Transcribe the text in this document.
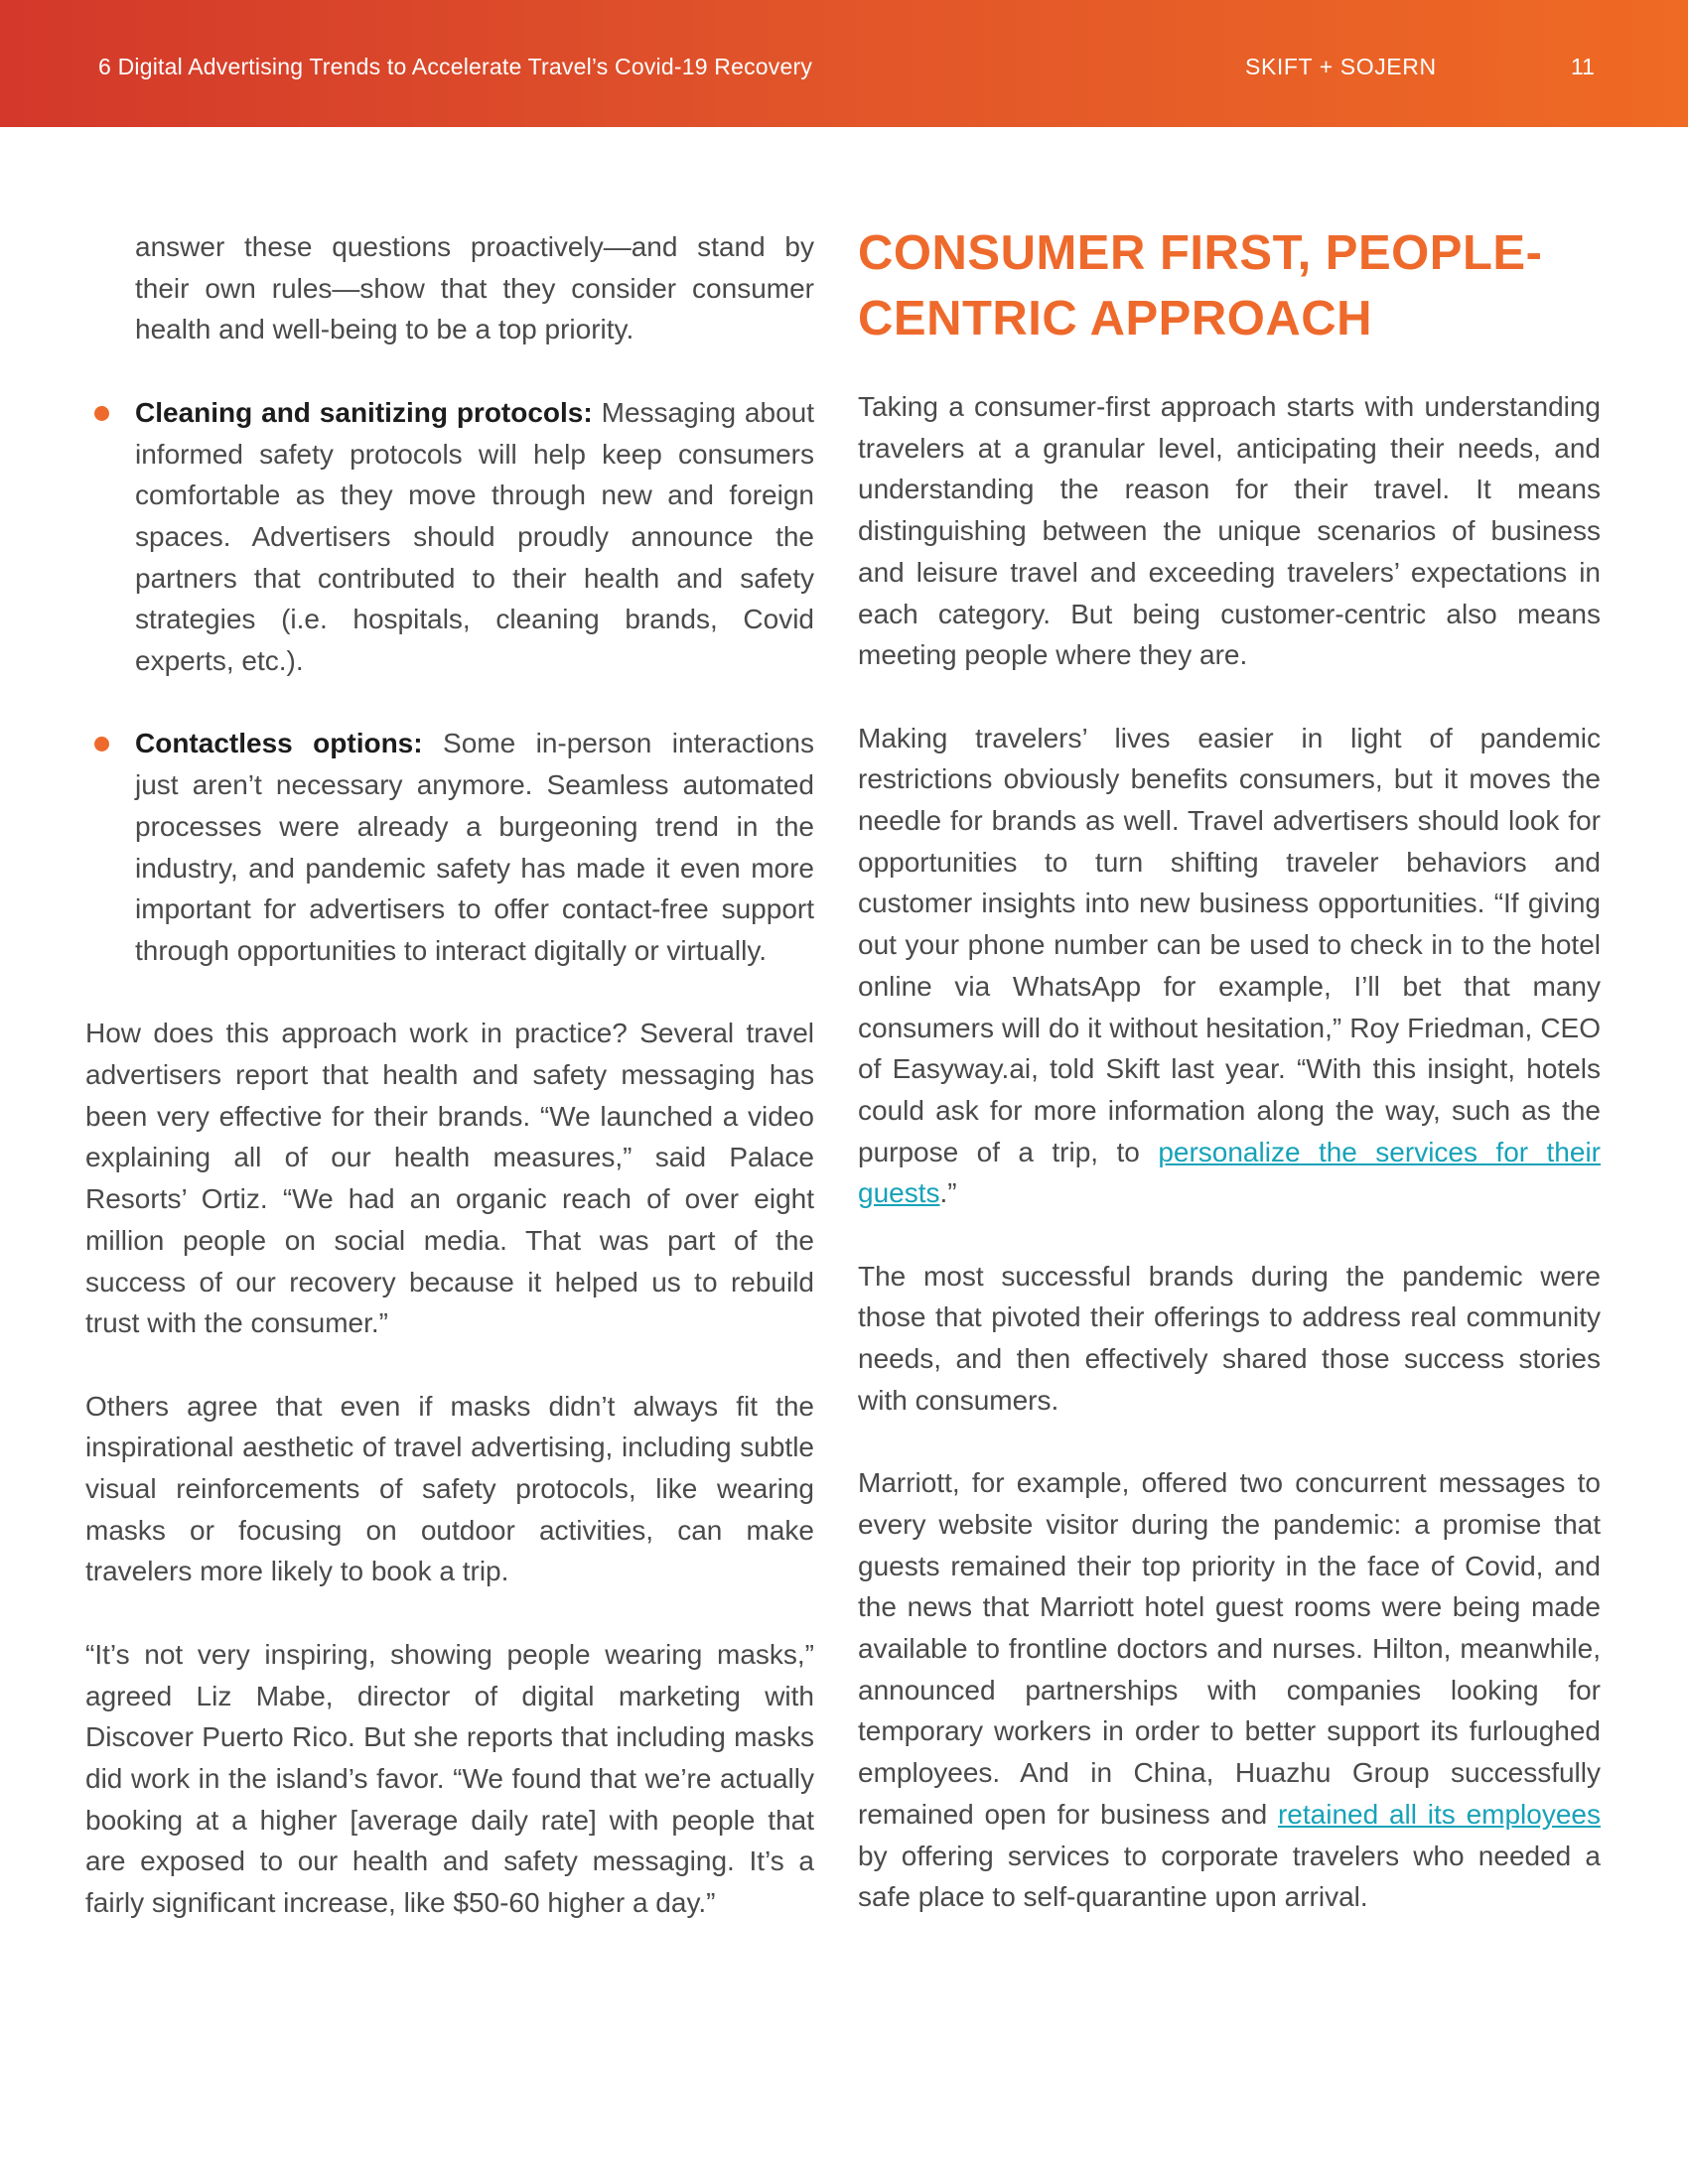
6 Digital Advertising Trends to Accelerate Travel’s Covid-19 Recovery	SKIFT + SOJERN	11

answer these questions proactively—and stand by their own rules—show that they consider consumer health and well-being to be a top priority.

Cleaning and sanitizing protocols: Messaging about informed safety protocols will help keep consumers comfortable as they move through new and foreign spaces. Advertisers should proudly announce the partners that contributed to their health and safety strategies (i.e. hospitals, cleaning brands, Covid experts, etc.).
Contactless options: Some in-person interactions just aren’t necessary anymore. Seamless automated processes were already a burgeoning trend in the industry, and pandemic safety has made it even more important for advertisers to offer contact-free support through opportunities to interact digitally or virtually.

How does this approach work in practice? Several travel advertisers report that health and safety messaging has been very effective for their brands. “We launched a video explaining all of our health measures,” said Palace Resorts’ Ortiz. “We had an organic reach of over eight million people on social media. That was part of the success of our recovery because it helped us to rebuild trust with the consumer.”

Others agree that even if masks didn’t always fit the inspirational aesthetic of travel advertising, including subtle visual reinforcements of safety protocols, like wearing masks or focusing on outdoor activities, can make travelers more likely to book a trip.

“It’s not very inspiring, showing people wearing masks,” agreed Liz Mabe, director of digital marketing with Discover Puerto Rico. But she reports that including masks did work in the island’s favor. “We found that we’re actually booking at a higher [average daily rate] with people that are exposed to our health and safety messaging. It’s a fairly significant increase, like $50-60 higher a day.”

CONSUMER FIRST, PEOPLE-CENTRIC APPROACH

Taking a consumer-first approach starts with understanding travelers at a granular level, anticipating their needs, and understanding the reason for their travel. It means distinguishing between the unique scenarios of business and leisure travel and exceeding travelers’ expectations in each category. But being customer-centric also means meeting people where they are.

Making travelers’ lives easier in light of pandemic restrictions obviously benefits consumers, but it moves the needle for brands as well. Travel advertisers should look for opportunities to turn shifting traveler behaviors and customer insights into new business opportunities. “If giving out your phone number can be used to check in to the hotel online via WhatsApp for example, I’ll bet that many consumers will do it without hesitation,” Roy Friedman, CEO of Easyway.ai, told Skift last year. “With this insight, hotels could ask for more information along the way, such as the purpose of a trip, to personalize the services for their guests.”

The most successful brands during the pandemic were those that pivoted their offerings to address real community needs, and then effectively shared those success stories with consumers.

Marriott, for example, offered two concurrent messages to every website visitor during the pandemic: a promise that guests remained their top priority in the face of Covid, and the news that Marriott hotel guest rooms were being made available to frontline doctors and nurses. Hilton, meanwhile, announced partnerships with companies looking for temporary workers in order to better support its furloughed employees. And in China, Huazhu Group successfully remained open for business and retained all its employees by offering services to corporate travelers who needed a safe place to self-quarantine upon arrival.
